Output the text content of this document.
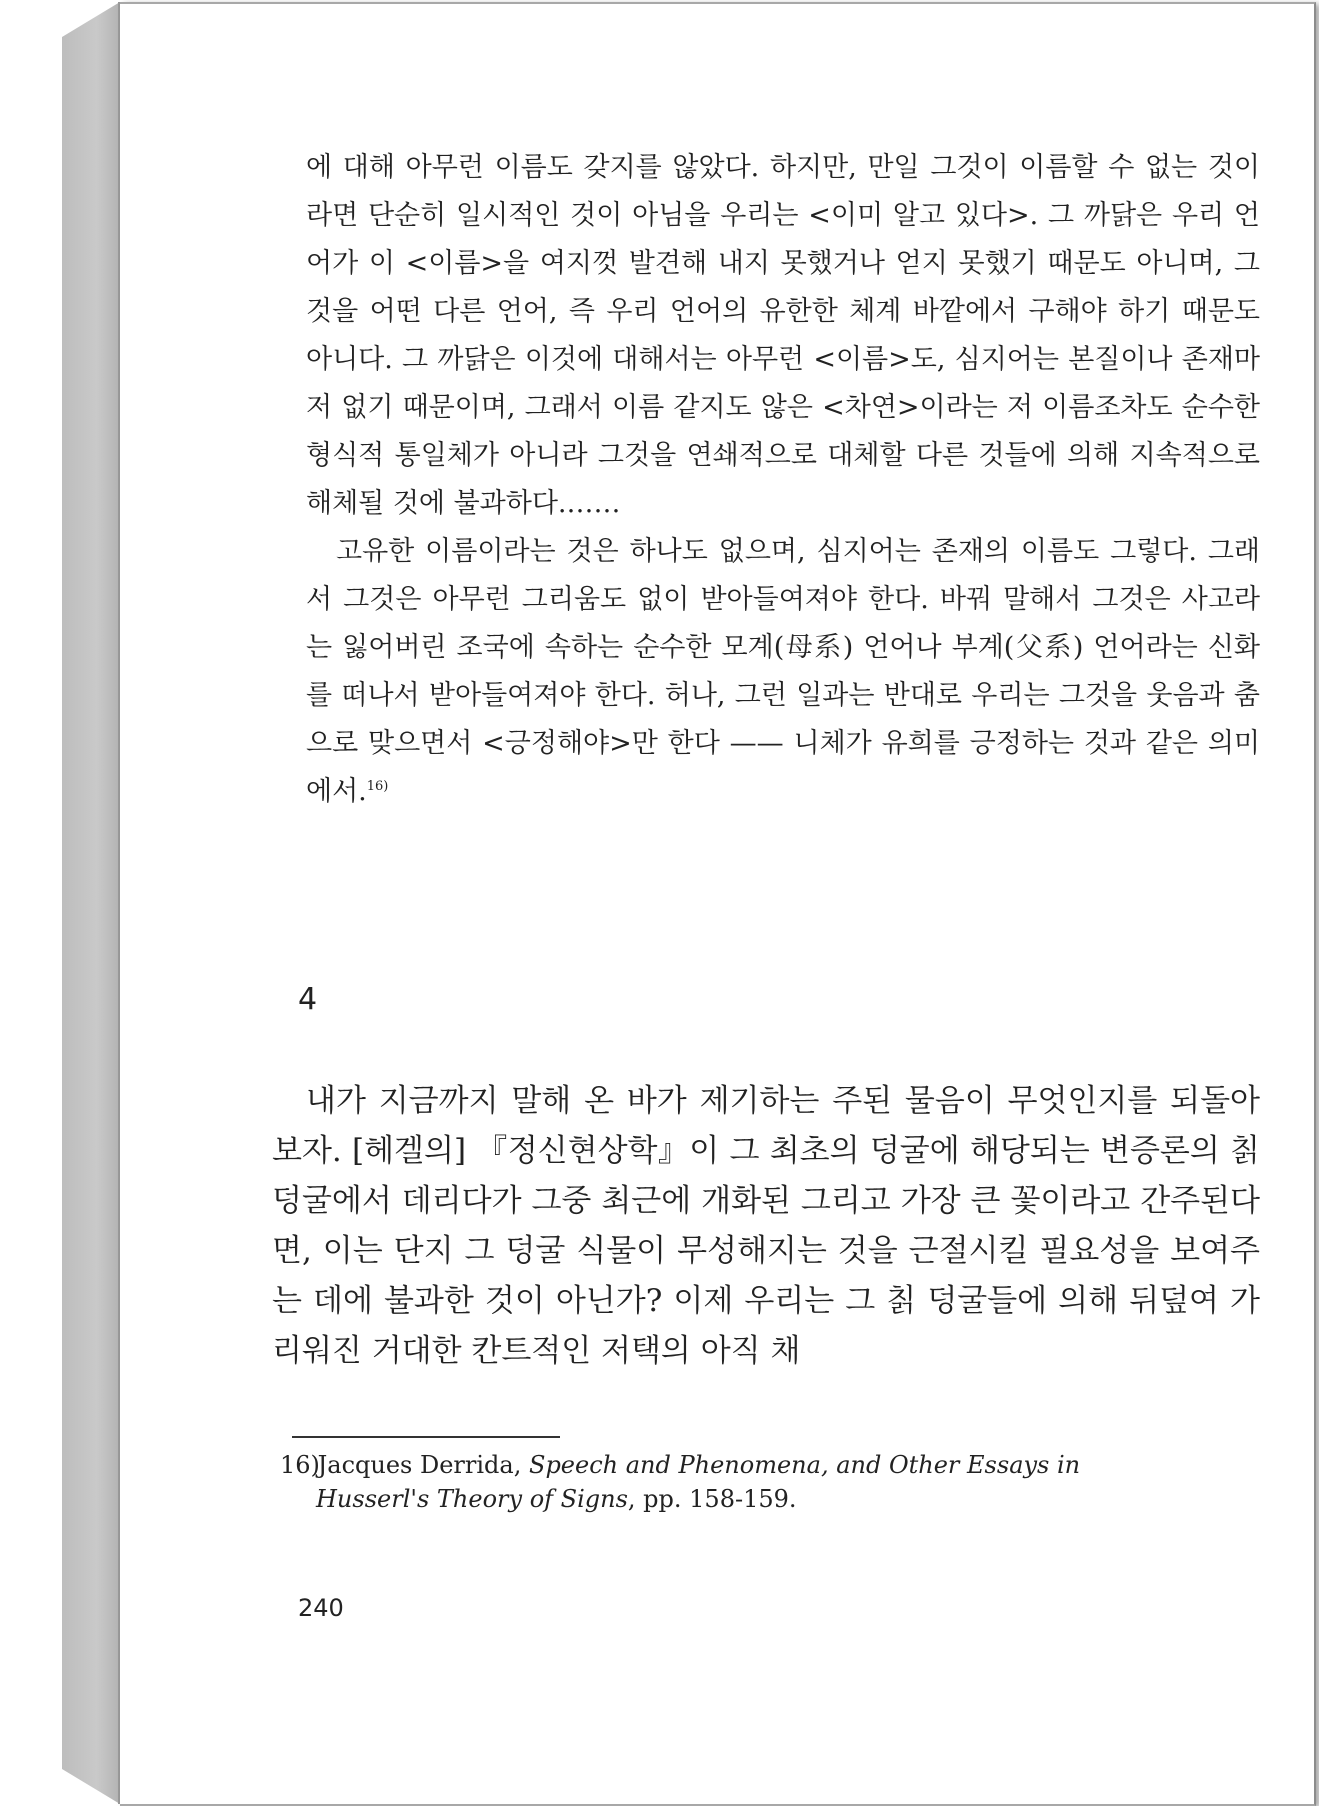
에 대해 아무런 이름도 갖지를 않았다. 하지만, 만일 그것이 이름할 수 없는 것이라면 단순히 일시적인 것이 아님을 우리는 <이미 알고 있다>. 그 까닭은 우리 언어가 이 <이름>을 여지껏 발견해 내지 못했거나 얻지 못했기 때문도 아니며, 그것을 어떤 다른 언어, 즉 우리 언어의 유한한 체계 바깥에서 구해야 하기 때문도 아니다. 그 까닭은 이것에 대해서는 아무런 <이름>도, 심지어는 본질이나 존재마저 없기 때문이며, 그래서 이름 같지도 않은 <차연>이라는 저 이름조차도 순수한 형식적 통일체가 아니라 그것을 연쇄적으로 대체할 다른 것들에 의해 지속적으로 해체될 것에 불과하다.……

고유한 이름이라는 것은 하나도 없으며, 심지어는 존재의 이름도 그렇다. 그래서 그것은 아무런 그리움도 없이 받아들여져야 한다. 바꿔 말해서 그것은 사고라는 잃어버린 조국에 속하는 순수한 모계(母系) 언어나 부계(父系) 언어라는 신화를 떠나서 받아들여져야 한다. 허나, 그런 일과는 반대로 우리는 그것을 웃음과 춤으로 맞으면서 <긍정해야>만 한다 —— 니체가 유희를 긍정하는 것과 같은 의미에서.$^{16)}$

4

내가 지금까지 말해 온 바가 제기하는 주된 물음이 무엇인지를 되돌아보자. [헤겔의] 『정신현상학』이 그 최초의 덩굴에 해당되는 변증론의 칡 덩굴에서 데리다가 그중 최근에 개화된 그리고 가장 큰 꽃이라고 간주된다면, 이는 단지 그 덩굴 식물이 무성해지는 것을 근절시킬 필요성을 보여주는 데에 불과한 것이 아닌가? 이제 우리는 그 칡 덩굴들에 의해 뒤덮여 가리워진 거대한 칸트적인 저택의 아직 채

16) Jacques Derrida, Speech and Phenomena, and Other Essays in
Husserl's Theory of Signs, pp. 158-159.
240
